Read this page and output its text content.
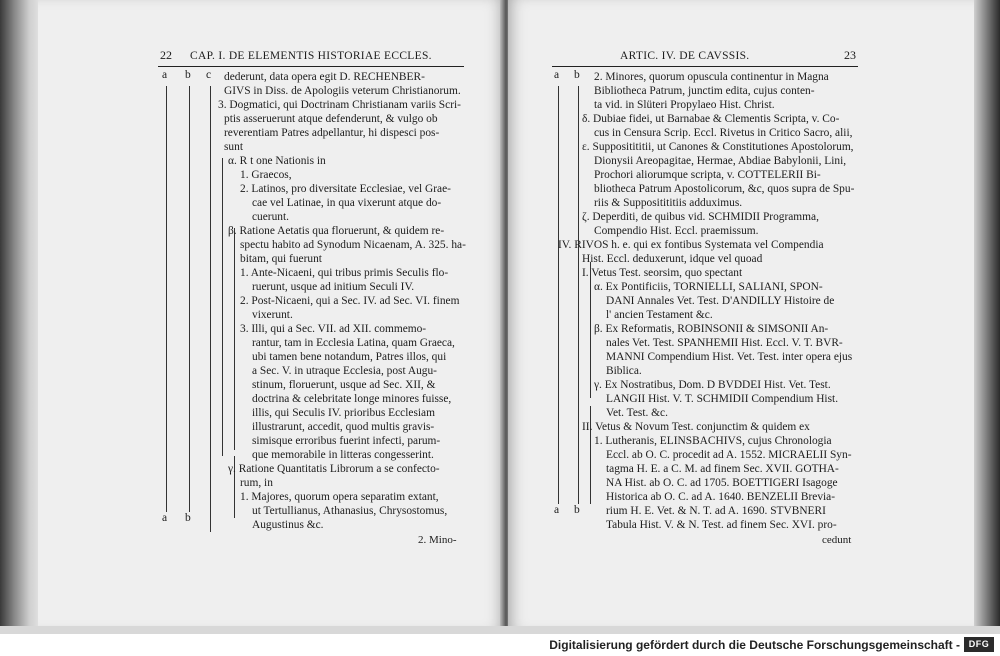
22 CAP. I. DE ELEMENTIS HISTORIAE ECCLES.
a b c
a b
dederunt, data opera egit D. RECHENBER-
GIVS in Diss. de Apologiis veterum Christianorum.
3. Dogmatici, qui Doctrinam Christianam variis Scri-
ptis asseruerunt atque defenderunt, & vulgo ob
reverentiam Patres adpellantur, hi dispesci pos-
sunt
α. R t one Nationis in
1. Graecos,
2. Latinos, pro diversitate Ecclesiae, vel Grae-
cae vel Latinae, in qua vixerunt atque do-
cuerunt.
β. Ratione Aetatis qua floruerunt, & quidem re-
spectu habito ad Synodum Nicaenam, A. 325. ha-
bitam, qui fuerunt
1. Ante-Nicaeni, qui tribus primis Seculis flo-
ruerunt, usque ad initium Seculi IV.
2. Post-Nicaeni, qui a Sec. IV. ad Sec. VI. finem
vixerunt.
3. Illi, qui a Sec. VII. ad XII. commemo-
rantur, tam in Ecclesia Latina, quam Graeca,
ubi tamen bene notandum, Patres illos, qui
a Sec. V. in utraque Ecclesia, post Augu-
stinum, floruerunt, usque ad Sec. XII, &
doctrina & celebritate longe minores fuisse,
illis, qui Seculis IV. prioribus Ecclesiam
illustrarunt, accedit, quod multis gravis-
simisque erroribus fuerint infecti, parum-
que memorabile in litteras congesserint.
γ. Ratione Quantitatis Librorum a se confecto-
rum, in
1. Majores, quorum opera separatim extant,
ut Tertullianus, Athanasius, Chrysostomus,
Augustinus &c.
2. Mino-
ARTIC. IV. DE CAVSSIS.	23
a b
a b
2. Minores, quorum opuscula continentur in Magna
Bibliotheca Patrum, junctim edita, cujus conten-
ta vid. in Slüteri Propylaeo Hist. Christ.
δ. Dubiae fidei, ut Barnabae & Clementis Scripta, v. Co-
cus in Censura Scrip. Eccl. Rivetus in Critico Sacro, alii,
ε. Suppositititii, ut Canones & Constitutiones Apostolorum,
Dionysii Areopagitae, Hermae, Abdiae Babylonii, Lini,
Prochori aliorumque scripta, v. COTTELERII Bi-
bliotheca Patrum Apostolicorum, &c, quos supra de Spu-
riis & Suppositititiis adduximus.
ζ. Deperditi, de quibus vid. SCHMIDII Programma,
Compendio Hist. Eccl. praemissum.
IV. RIVOS h. e. qui ex fontibus Systemata vel Compendia
Hist. Eccl. deduxerunt, idque vel quoad
I. Vetus Test. seorsim, quo spectant
α. Ex Pontificiis, TORNIELLI, SALIANI, SPON-
DANI Annales Vet. Test. D'ANDILLY Histoire de
l' ancien Testament &c.
β. Ex Reformatis, ROBINSONII & SIMSONII An-
nales Vet. Test. SPANHEMII Hist. Eccl. V. T. BVR-
MANNI Compendium Hist. Vet. Test. inter opera ejus
Biblica.
γ. Ex Nostratibus, Dom. D BVDDEI Hist. Vet. Test.
LANGII Hist. V. T. SCHMIDII Compendium Hist.
Vet. Test. &c.
II. Vetus & Novum Test. conjunctim & quidem ex
1. Lutheranis, ELINSBACHIVS, cujus Chronologia
Eccl. ab O. C. procedit ad A. 1552. MICRAELII Syn-
tagma H. E. a C. M. ad finem Sec. XVII. GOTHA-
NA Hist. ab O. C. ad 1705. BOETTIGERI Isagoge
Historica ab O. C. ad A. 1640. BENZELII Brevia-
rium H. E. Vet. & N. T. ad A. 1690. STVBNERI
Tabula Hist. V. & N. Test. ad finem Sec. XVI. pro-
cedunt
Digitalisierung gefördert durch die Deutsche Forschungsgemeinschaft - DFG
